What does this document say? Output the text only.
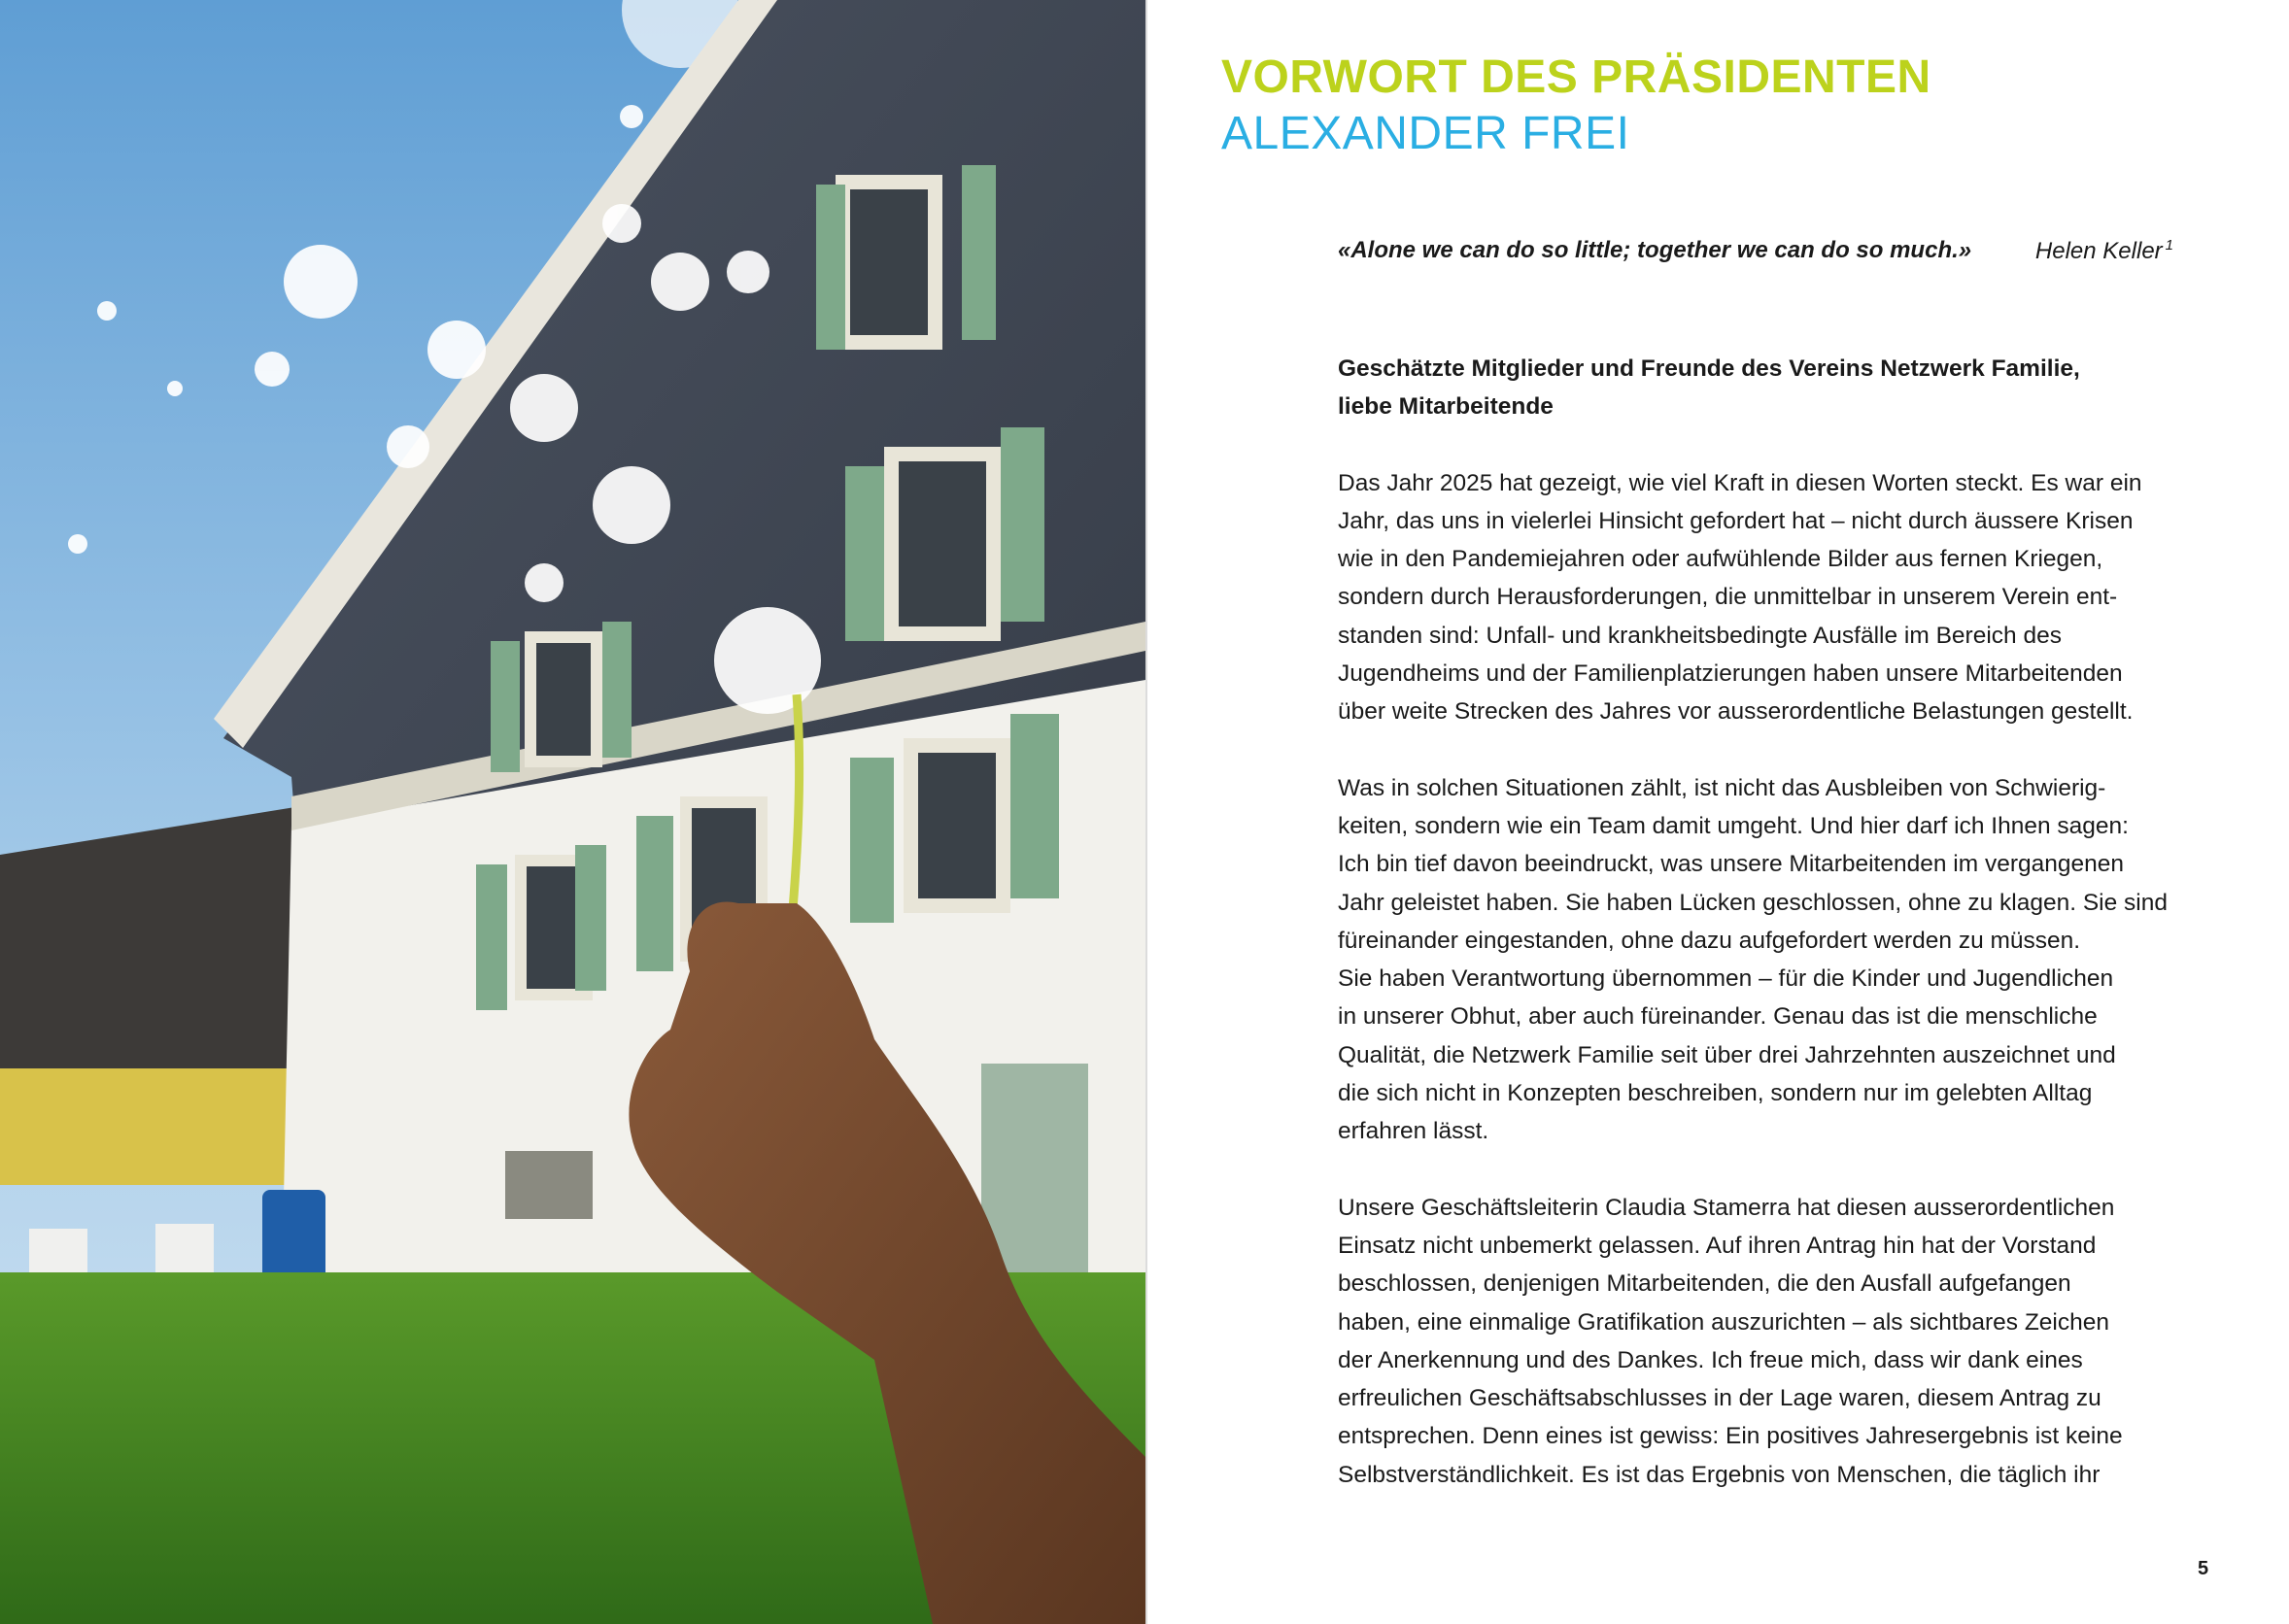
VORWORT DES PRÄSIDENTEN
ALEXANDER FREI
«Alone we can do so little; together we can do so much.»	Helen Keller $^1$
Geschätzte Mitglieder und Freunde des Vereins Netzwerk Familie,
liebe Mitarbeitende
Das Jahr 2025 hat gezeigt, wie viel Kraft in diesen Worten steckt. Es war ein
Jahr, das uns in vielerlei Hinsicht gefordert hat – nicht durch äussere Krisen
wie in den Pandemiejahren oder aufwühlende Bilder aus fernen Kriegen,
sondern durch Herausforderungen, die unmittelbar in unserem Verein ent-
standen sind: Unfall- und krankheitsbedingte Ausfälle im Bereich des
Jugendheims und der Familienplatzierungen haben unsere Mitarbeitenden
über weite Strecken des Jahres vor ausserordentliche Belastungen gestellt.
Was in solchen Situationen zählt, ist nicht das Ausbleiben von Schwierig-
keiten, sondern wie ein Team damit umgeht. Und hier darf ich Ihnen sagen:
Ich bin tief davon beeindruckt, was unsere Mitarbeitenden im vergangenen
Jahr geleistet haben. Sie haben Lücken geschlossen, ohne zu klagen. Sie sind
füreinander eingestanden, ohne dazu aufgefordert werden zu müssen.
Sie haben Verantwortung übernommen – für die Kinder und Jugendlichen
in unserer Obhut, aber auch füreinander. Genau das ist die menschliche
Qualität, die Netzwerk Familie seit über drei Jahrzehnten auszeichnet und
die sich nicht in Konzepten beschreiben, sondern nur im gelebten Alltag
erfahren lässt.
Unsere Geschäftsleiterin Claudia Stamerra hat diesen ausserordentlichen
Einsatz nicht unbemerkt gelassen. Auf ihren Antrag hin hat der Vorstand
beschlossen, denjenigen Mitarbeitenden, die den Ausfall aufgefangen
haben, eine einmalige Gratifikation auszurichten – als sichtbares Zeichen
der Anerkennung und des Dankes. Ich freue mich, dass wir dank eines
erfreulichen Geschäftsabschlusses in der Lage waren, diesem Antrag zu
entsprechen. Denn eines ist gewiss: Ein positives Jahresergebnis ist keine
Selbstverständlichkeit. Es ist das Ergebnis von Menschen, die täglich ihr
5
